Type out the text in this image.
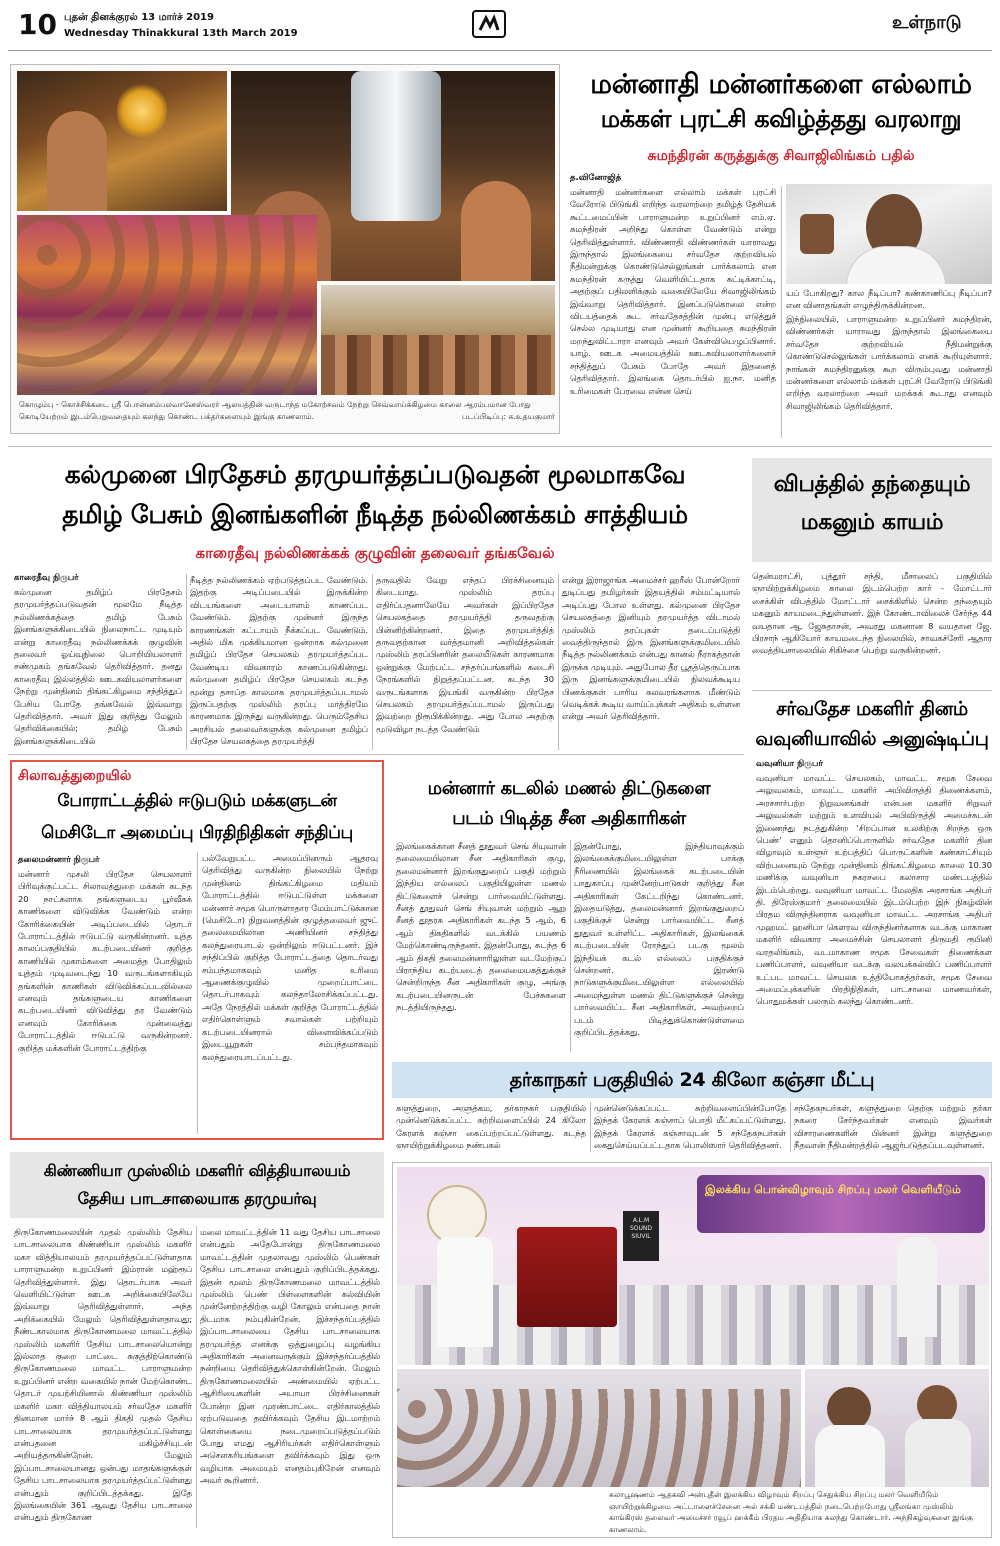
10 புதன் தினக்குரல் 13 மார்ச் 2019
Wednesday Thinakkural 13th March 2019
உள்நாடு
கொழும்பு - கொச்சிக்கடை ஸ்ரீ பொன்னம்பலவானேஸ்வரர் ஆலயத்தின் வருடாந்த மகோற்சவம் நேற்று செவ்வாய்க்கிழமை காலை ஆரம்பமான போது கொடியேற்றம் இடம்பெறுவதையும் கலந்து கொண்ட பக்தர்களையும் இங்கு காணலாம்.	படப்பிடிப்பு: சு.உதயகுமார்
மன்னாதி மன்னர்களை எல்லாம்
மக்கள் புரட்சி கவிழ்த்தது வரலாறு
சுமந்திரன் கருத்துக்கு சிவாஜிலிங்கம் பதில்
த.வினோஜித்
மன்னாதி மன்னர்களை எல்லாம் மக்கள் புரட்சி வேரோடு பிடுங்கி எறிந்த வரலாற்றை தமிழ்த் தேசியக் கூட்டமைப்பின் பாராளுமன்ற உறுப்பினர் எம்.ஏ. சுமந்திரன் அறிந்து கொள்ள வேண்டும் என்று தெரிவித்துள்ளார். விண்ணாதி விண்ணர்கள் யாராவது இருந்தால் இலங்கையை சர்வதேச குற்றவியல் நீதிமன்றுக்கு கொண்டுசெல்லுங்கள் பார்க்கலாம் என சுமந்திரன் கருத்து வெளியிட்டதாக சுட்டிக்காட்டி, அதற்குப் பதிலளிக்கும் வகையிலேயே சிவாஜிலிங்கம் இவ்வாறு தெரிவித்தார். இனப்படுகொலை என்ற விடயத்தைக் கூட சர்வதேசத்தின் முன்பு எடுத்துச் செல்ல முடியாது என முன்னர் கூறியதை சுமந்திரன் மறந்துவிட்டாரா எனவும் அவர் கேள்வியெழுப்பினார். யாழ். ஊடக அமையத்தில் ஊடகவியலாளர்களைச் சந்தித்துப் பேசும் போதே அவர் இதனைத் தெரிவித்தார். இலங்கை தொடர்பில் ஐ.நா. மனித உரிமைகள் பேரவை என்ன செய்
யப் போகிறது? கால நீடிப்பா? கண்காணிப்பு நீடிப்பா? என வினாதங்கள் எழுந்திருக்கின்றன.
இந்நிலையில், பாராளுமன்ற உறுப்பினர் சுமந்திரன், விண்ணர்கள் யாராவது இருந்தால் இலங்கையை சர்வதேச குற்றவியல் நீதிமன்றுக்கு கொண்டுசெல்லுங்கள் பார்க்கலாம் எனக் கூறியுள்ளார். நாங்கள் சுமந்திரனுக்கு கூற விரும்புவது மன்னாதி மன்னர்களை எல்லாம் மக்கள் புரட்சி வேரோடு பிடுங்கி எறிந்த வரலாற்றை அவர் மறக்கக் கூடாது எனவும் சிவாஜிலிங்கம் தெரிவித்தார்.
கல்முனை பிரதேசம் தரமுயர்த்தப்படுவதன் மூலமாகவே
தமிழ் பேசும் இனங்களின் நீடித்த நல்லிணக்கம் சாத்தியம்
காரைதீவு நல்லிணக்கக் குழுவின் தலைவர் தங்கவேல்
காரைதீவு நிருபர்
கல்முனை தமிழ்ப் பிரதேசம் தரமுயர்த்தப்படுவதன் மூலமே நீடித்த நல்லிணக்கத்தை தமிழ் பேசும் இனங்களுக்கிடையில் நிலைநாட்ட முடியும் என்று காரைதீவு நல்லிணக்கக் குழுவின் தலைவர் ஓய்வுநிலை பொறியியலாளர் சண்முகம் தங்கவேல் தெரிவித்தார். தனது காரைதீவு இல்லத்தில் ஊடகவியலாளர்களை நேற்று முன்தினம் திங்கட்கிழமை சந்தித்துப் பேசிய போதே தங்கவேல் இவ்வாறு தெரிவித்தார். அவர் இது குறித்து மேலும் தெரிவிக்கையில்; தமிழ் பேசும் இனங்களுக்கிடையில்
நீடித்த நல்லிணக்கம் ஏற்படுத்தப்பட வேண்டும். இதற்கு அடிப்படையில் இருக்கின்ற விடயங்களை அடையாளம் காணப்பட வேண்டும். இதற்கு முன்னர் இருந்த காரணங்கள் கட்டாயம் நீக்கப்பட வேண்டும். அதில் மிக முக்கியமான ஒன்றாக கல்முனை தமிழ்ப் பிரதேச செயலகம் தரமுயர்த்தப்பட வேண்டிய விவகாரம் காணப்படுகின்றது. கல்முனை தமிழ்ப் பிரதேச செயலகம் கடந்த மூன்று தசாப்த காலமாக தரமுயர்த்தப்படாமல் இருப்பதற்கு முஸ்லிம் தரப்பு மாத்திரமே காரணமாக இருந்து வருகின்றது. பெரும்தேசிய அரசியல் தலைவர்களுக்கு கல்முனை தமிழ்ப் பிரதேச செயலகத்தை தரமுயர்த்தி
தருவதில் வேறு எந்தப் பிரச்சினையும் கிடையாது. முஸ்லிம் தரப்பு எதிர்ப்பதனாலேயே அவர்கள் இப்பிரதேச செயலகத்தை தரமுயர்த்தி தருவதற்கு பின்னிற்கின்றனர். இதை தரமுயர்த்தித் தருவதற்கான வர்த்தமானி அறிவித்தல்கள் முஸ்லிம் தரப்பினரின் தலையீடுகள் காரணமாக ஒன்றுக்கு மேற்பட்ட சந்தர்ப்பங்களில் கடைசி நேரங்களில் நிறுத்தப்பட்டன. கடந்த 30 வருடங்களாக இயங்கி வருகின்ற பிரதேச செயலகம் தரமுயர்த்தப்படாமல் இருப்பது இவற்றை நிரூபிக்கின்றது. அது போல அதற்கு மூடுவிழா நடத்த வேண்டும்
என்று இராஜாங்க அமைச்சர் ஹரீஸ் போன்றோர் துடிப்பது தமிழர்கள் இதயத்தில் சம்மட்டியால் அடிப்பது போல உள்ளது. கல்முனை பிரதேச செயலகத்தை இனியும் தரமுயர்த்த விடாமல் முஸ்லிம் தரப்புகள் தடைப்படுத்தி வைத்திருந்தால் இரு இனங்களுக்குமிடையில் நீடித்த நல்லிணக்கம் என்பது கானல் நீராகத்தான் இருக்க முடியும். அதுபோல தீர பூதத்தெருப்பாக இரு இனங்களுக்குமிடையில் நிலவக்கூடிய பிணக்குகள் பாரிய கலவரங்களாக மீண்டும் வெடிக்கக் கூடிய வாய்ப்புக்கள் அதிகம் உள்ளன என்று அவர் தெரிவித்தார்.
விபத்தில் தந்தையும்
மகனும் காயம்
தென்மராட்சி, புத்தூர் சந்தி, மீசாலைப் பகுதியில் ஞாயிற்றுக்கிழமை காலை இடம்பெற்ற கார் - மோட்டார் சைக்கிள் விபத்தில் மோட்டார் சைக்கிளில் சென்ற தந்தையும் மகனும் காயமடைந்துள்ளனர். இந் கோண்டாவிலைச் சேர்ந்த 44 வயதான ஆ. ஜேசுதாசன், அவரது மகனான 8 வயதான ஜே. பிரசாந் ஆகியோர் காயமடைந்த நிலையில், சாவகச்சேரி ஆதார வைத்தியசாலையில் சிகிச்சை பெற்று வருகின்றனர்.
சர்வதேச மகளிர் தினம்
வவுனியாவில் அனுஷ்டிப்பு
வவுனியா நிருபர்
வவுனியா மாவட்ட செயலகம், மாவட்ட சமூக சேவை அலுவலகம், மாவட்ட மகளிர் அபிவிருத்தி திணைக்களம், அரசசார்பற்ற நிறுவனங்கள் என்பன மகளிர் சிறுவர் அலுவல்கள் மற்றும் உளவியல் அபிவிருத்தி அமைச்சுடன் இணைந்து நடத்துகின்ற 'சிறப்பான உலகிற்கு சிறந்த ஒரு பெண்' எனும் தொனிப்பொருளில் சர்வதேச மகளிர் தின விழாவும் உள்ளூர் உற்பத்திப் பொருட்களின் கண்காட்சியும் விற்பனையும் நேற்று முன்தினம் திங்கட்கிழமை காலை 10.30 மணிக்கு வவுனியா நகரசபை கலாசார மண்டபத்தில் இடம்பெற்றது. வவுனியா மாவட்ட மேலதிக அரசாங்க அதிபர் தி. திரேஸ்குமார் தலைமையில் இடம்பெற்ற இந் நிகழ்வின் பிரதம விருந்தினராக வவுனியா மாவட்ட அரசாங்க அதிபர் முஹமட் ஹனிபா கௌரவ விருந்தினர்களாக வடக்கு மாகாண மகளிர் விவகார அமைச்சின் செயலாளர் திருமதி ரூபினி வரதலிங்கம், வடமாகாண சமூக சேவைகள் திணைக்கள பணிப்பாளர், வவுனியா வடக்கு வலயக்கல்விப் பணிப்பாளர் உட்பட மாவட்ட செயலக உத்தியோகத்தர்கள், சமூக சேவை அமைப்புக்களின் பிரதிநிதிகள், பாடசாலை மாணவர்கள், பொதுமக்கள் பலரும் கலந்து கொண்டனர்.
சிலாவத்துறையில்
போராட்டத்தில் ஈடுபடும் மக்களுடன்
மெசிடோ அமைப்பு பிரதிநிதிகள் சந்திப்பு
தலைமன்னார் நிருபர்
மன்னார் முசலி பிரதேச செயலாளர் பிரிவுக்குட்பட்ட சிலாவத்துறை மக்கள் கடந்த 20 நாட்களாக தங்களுடைய பூர்வீகக் காணிகளை விடுவிக்க வேண்டும் என்ற கோரிக்கையின் அடிப்படையில் தொடர் போராட்டத்தில் ஈடுபட்டு வருகின்றனர். யுத்த காலப்பகுதியில் கடற்படையினர் குறித்த காணியில் முகாம்களை அமைத்த போதிலும் யுத்தம் முடிவடைந்து 10 வருடங்களாகியும் தங்களின் காணிகள் விடுவிக்கப்படவில்லை எனவும் தங்களுடைய காணிகளை கடற்படையினர் விடுவித்து தர வேண்டும் எனவும் கோரிக்கை முன்வைத்து போராட்டத்தில் ஈடுபட்டு வருகின்றனர். குறித்த மக்களின் போராட்டத்திற்கு
பல்வேறுபட்ட அமைப்பினரும் ஆதரவு தெரிவித்து வருகின்ற நிலையில் நேற்று முன்தினம் திங்கட்கிழமை மதியம் போராட்டத்தில் ஈடுபட்டுள்ள மக்களை மன்னார் சமூக பொருளாதார மேம்பாட்டுக்கான (மெசிடோ) நிறுவனத்தின் குழுத்தலைவர் ஜுட் தலைமையிலான அணியினர் சந்தித்து கலந்துரையாடல் ஒன்றிலும் ஈடுபட்டனர். இச் சந்திப்பில் குறித்த போராட்டத்தை தொடர்வது சம்பந்தமாகவும் மனித உரிமை ஆணைக்குழுவில் முறைப்பாட்டை தொடர்பாகவும் கலந்தாலோசிக்கப்பட்டது. அதே நேரத்தில் மக்கள் குறித்த போராட்டத்தில் எதிர்கொள்ளும் சவால்கள் பற்றியும் கடற்படையினரால் விளைவிக்கப்படும் இடையூறுகள் சம்பந்தமாகவும் கலந்துரையாடப்பட்டது.
மன்னார் கடலில் மணல் திட்டுகளை
படம் பிடித்த சீன அதிகாரிகள்
இலங்கைக்கான சீனத் தூதுவர் செங் சியுவான் தலைமையிலான சீன அதிகாரிகள் குழு, தலைமன்னார் இறங்குதுறைப் பகுதி மற்றும் இந்திய எல்லைப் பகுதியிலுள்ள மணல் திட்டுகளைச் சென்று பார்வையிட்டுள்ளது. சீனத் தூதுவர் செங் சியுவான் மற்றும் ஆறு சீனத் தூதரக அதிகாரிகள் கடந்த 5 ஆம், 6 ஆம் திகதிகளில் வடக்கில் பயணம் மேற்கொண்டிருந்தனர். இதன்போது, கடந்த 6 ஆம் திகதி தலைமன்னாரிலுள்ள வடமேற்குப் பிராந்திய கடற்படைத் தலைமையகத்துக்குச் சென்றிருந்த சீன அதிகாரிகள் குழு, அங்கு கடற்படையினருடன் பேச்சுகளை நடத்தியிருந்தது.
இதன்போது, இந்தியாவுக்கும் இலங்கைக்குமிடையிலுள்ள பாக்கு நீரிணையில் இலங்கைக் கடற்படையின் பாதுகாப்பு முன்னேற்பாடுகள் குறித்து சீன அதிகாரிகள் கேட்டறிந்து கொண்டனர். இதையடுத்து, தலைமன்னார் இறங்குதுறைப் பகுதிக்குச் சென்று பார்வையிட்ட சீனத் தூதுவர் உள்ளிட்ட அதிகாரிகள், இலங்கைக் கடற்படையின் ரோந்துப் படகு மூலம் இந்தியக் கடல் எல்லைப் பகுதிக்குச் சென்றனர். இரண்டு நாடுகளுக்குமிடையிலுள்ள எல்லையில் அமைந்துள்ள மணல் திட்டுகளுக்குச் சென்று பார்வையிட்ட சீன அதிகாரிகள், அவற்றைப் படம் பிடித்துக்கொண்டுள்ளமை குறிப்பிடத்தக்கது.
தர்காநகர் பகுதியில் 24 கிலோ கஞ்சா மீட்பு
களுத்துறை, அளுத்கம, தர்காநகர் பகுதியில் முன்னெடுக்கப்பட்ட சுற்றிவளைப்பில் 24 கிலோ கேரளக் கஞ்சா கைப்பற்றப்பட்டுள்ளது. கடந்த ஞாயிற்றுக்கிழமை நண்பகல்
முன்னெடுக்கப்பட்ட சுற்றிவளைப்பின்போதே இந்தக் கேரளக் கஞ்சாப் பொதி மீட்கப்பட்டுள்ளது. இந்தக் கேரளக் கஞ்சாவுடன் 5 சந்தேகநபர்கள் கைதுசெய்யப்பட்டதாக பொலிஸார் தெரிவித்தனர்.
சந்தேகநபர்கள், களுத்துறை தெற்கு மற்றும் தர்கா நகரை சேர்ந்தவர்கள் எனவும் இவர்கள் விசாரணைகளின் பின்னர் இன்று களுத்துறை நீதவான் நீதிமன்றத்தில் ஆஜர்படுத்தப்படவுள்ளனர்.
கிண்ணியா முஸ்லிம் மகளிர் வித்தியாலயம்
தேசிய பாடசாலையாக தரமுயர்வு
திருகோணமலையின் முதல் முஸ்லிம் தேசிய பாடசாலையாக கிண்ணியா முஸ்லிம் மகளிர் மகா வித்தியாலயம் தரமுயர்த்தப்பட்டுள்ளதாக பாராளுமன்ற உறுப்பினர் இம்ரான் மஹ்ரூப் தெரிவித்துள்ளார். இது தொடர்பாக அவர் வெளியிட்டுள்ள ஊடக அறிக்கையிலேயே இவ்வாறு தெரிவித்துள்ளார். அந்த அறிக்கையில் மேலும் தெரிவித்துள்ளதாவது; நீண்டகாலமாக திருகோணமலை மாவட்டத்தில் முஸ்லிம் மகளிர் தேசிய பாடசாலையொன்று இல்லாத குறை பாட்டை சுகுத்திற்கொண்டு திருகோணமலை மாவட்ட பாராளுமன்ற உறுப்பினர் என்ற வகையில் நான் மேற்கொண்ட தொடர் முயற்சியினால் கிண்ணியா முஸ்லிம் மகளிர் மகா வித்தியாலயம் சர்வதேச மகளிர் தினமான மார்ச் 8 ஆம் திகதி முதல் தேசிய பாடசாலையாக தரமுயர்த்தப்பட்டுள்ளது என்பதனை மகிழ்ச்சியுடன் அறியத்தருகின்றேன். மேலும் இப்பாடசாலையானது ஒன்பது மாதங்களுக்குள் தேசிய பாடசாலையாக தரமுயர்த்தப்பட்டுள்ளது என்பதும் குறிப்பிடத்தக்கது. இதே இலங்கையின் 361 ஆவது தேசிய பாடசாலை என்பதும் திருகோண
மலை மாவட்டத்தின் 11 வது தேசிய பாடசாலை என்பதும் அதேபோன்று திருகோணமலை மாவட்டத்தின் முதலாவது முஸ்லிம் பெண்கள் தேசிய பாடசாலை என்பதும் குறிப்பிடத்தக்கது. இதன் மூலம் திருகோணமலை மாவட்டத்தில் முஸ்லிம் பெண் பிள்ளைகளின் கல்வியின் முன்னேற்றத்திற்கு வழி கோலும் என்பதை நான் திடமாக நம்புகின்றேன். இச்சந்தர்ப்பத்தில் இப்பாடசாலையை தேசிய பாடசாலையாக தரமுயர்த்த எனக்கு ஒத்துழைப்பு வழங்கிய அதிகாரிகள் அனைவருக்கும் இச்சந்தர்ப்பத்தில் நன்றியை தெரிவித்துக்கொள்கின்றேன். மேலும் திருகோணமலையில் அண்மையில் ஏற்பட்ட ஆசிரியைகளின் அபாயா பிரச்சினைகள் போன்ற இன முரண்பாட்டை எதிர்காலத்தில் ஏற்படுவதை தவிர்க்கவும் தேசிய இடமாற்றம் கொள்கையை நடைமுறைப்படுத்தப்படும் போது எமது ஆசிரியர்கள் எதிர்கொள்ளும் அசௌகரியங்களை தவிர்க்கவும் இது ஒரு வழியாக அமையும் எனதம்புகிறேன் எனவும் அவர் கூறினார்.
இலக்கிய பொன்விழாவும் சிறப்பு மலர் வெளியீடும்
A.L.M SOUND SIUVIL
கலாபூஷணம் ஆதகவி அன்புதீன் இலக்கிய விழாவும் சிறப்பு செதுக்கிய சிறப்பு மலர் வெளியீடும் ஞாயிற்றுக்கிழமை அட்டாளைச்சேனை அல் சக்கி மண்டபத்தில் நடைபெற்றபோது ஸ்ரீலங்கா முஸ்லிம் காங்கிரஸ் தலைவர் அமைச்சர் ரவூப் ஹக்கீம் பிரதம அதிதியாக கலந்து கொண்டார். அந்நிகழ்வுகளை இங்கு காணலாம்.
